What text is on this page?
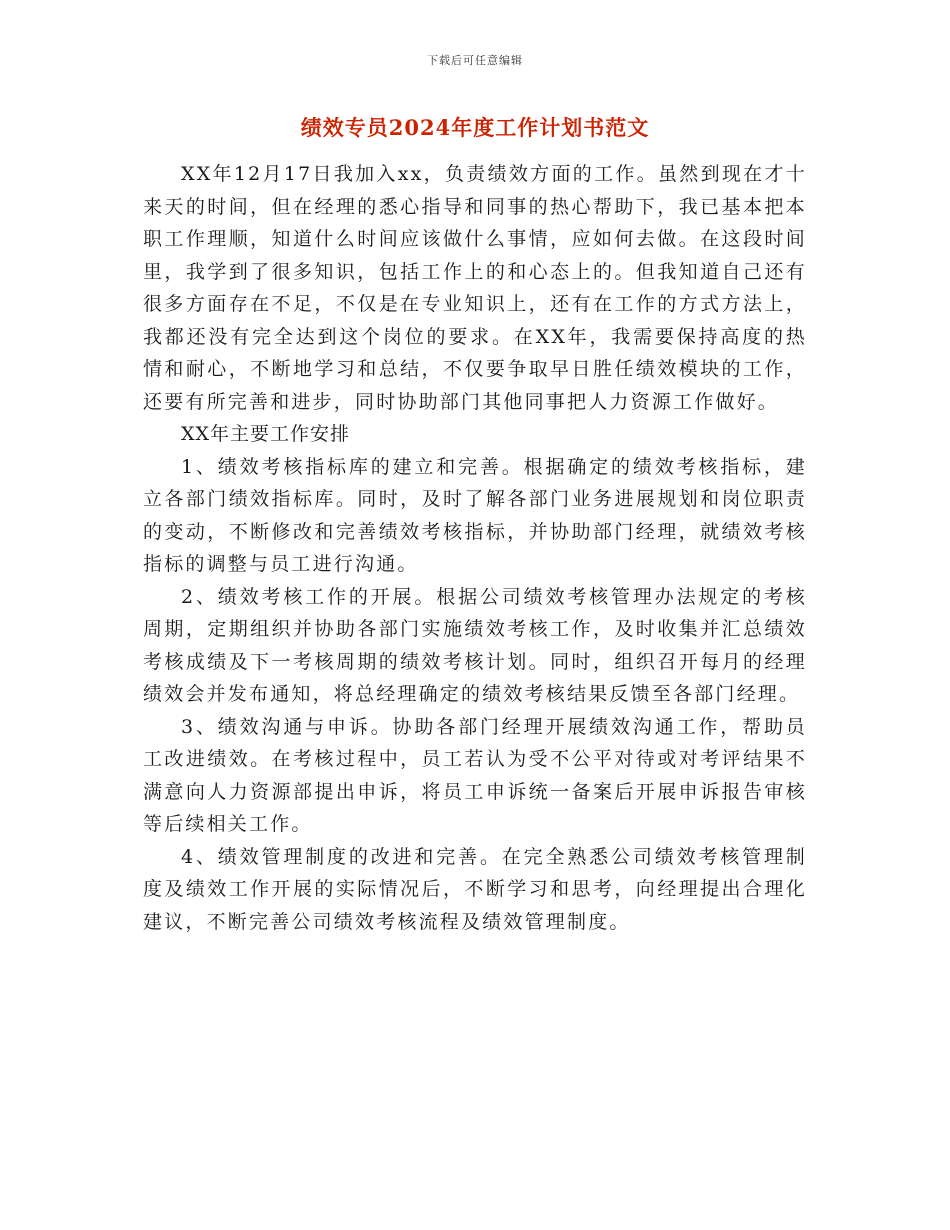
下载后可任意编辑
绩效专员2024年度工作计划书范文

XX年12月17日我加入xx，负责绩效方面的工作。虽然到现在才十来天的时间，但在经理的悉心指导和同事的热心帮助下，我已基本把本职工作理顺，知道什么时间应该做什么事情，应如何去做。在这段时间里，我学到了很多知识，包括工作上的和心态上的。但我知道自己还有很多方面存在不足，不仅是在专业知识上，还有在工作的方式方法上，我都还没有完全达到这个岗位的要求。在XX年，我需要保持高度的热情和耐心，不断地学习和总结，不仅要争取早日胜任绩效模块的工作，还要有所完善和进步，同时协助部门其他同事把人力资源工作做好。

XX年主要工作安排

1、绩效考核指标库的建立和完善。根据确定的绩效考核指标，建立各部门绩效指标库。同时，及时了解各部门业务进展规划和岗位职责的变动，不断修改和完善绩效考核指标，并协助部门经理，就绩效考核指标的调整与员工进行沟通。

2、绩效考核工作的开展。根据公司绩效考核管理办法规定的考核周期，定期组织并协助各部门实施绩效考核工作，及时收集并汇总绩效考核成绩及下一考核周期的绩效考核计划。同时，组织召开每月的经理绩效会并发布通知，将总经理确定的绩效考核结果反馈至各部门经理。

3、绩效沟通与申诉。协助各部门经理开展绩效沟通工作，帮助员工改进绩效。在考核过程中，员工若认为受不公平对待或对考评结果不满意向人力资源部提出申诉，将员工申诉统一备案后开展申诉报告审核等后续相关工作。

4、绩效管理制度的改进和完善。在完全熟悉公司绩效考核管理制度及绩效工作开展的实际情况后，不断学习和思考，向经理提出合理化建议，不断完善公司绩效考核流程及绩效管理制度。
